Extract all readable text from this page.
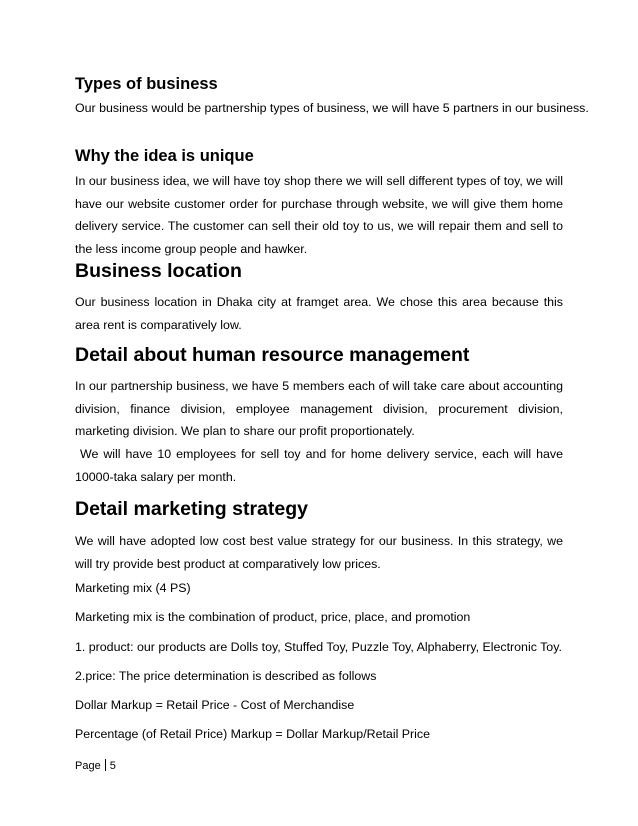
Types of business

Our business would be partnership types of business, we will have 5 partners in our business.

Why the idea is unique

In our business idea, we will have toy shop there we will sell different types of toy, we will have our website customer order for purchase through website, we will give them home delivery service. The customer can sell their old toy to us, we will repair them and sell to the less income group people and hawker.

Business location

Our business location in Dhaka city at framget area. We chose this area because this area rent is comparatively low.

Detail about human resource management

In our partnership business, we have 5 members each of will take care about accounting division, finance division, employee management division, procurement division, marketing division. We plan to share our profit proportionately.

We will have 10 employees for sell toy and for home delivery service, each will have 10000-taka salary per month.

Detail marketing strategy

We will have adopted low cost best value strategy for our business. In this strategy, we will try provide best product at comparatively low prices.

Marketing mix (4 PS)

Marketing mix is the combination of product, price, place, and promotion

1. product: our products are Dolls toy, Stuffed Toy, Puzzle Toy, Alphaberry, Electronic Toy.

2.price: The price determination is described as follows

Dollar Markup = Retail Price - Cost of Merchandise

Percentage (of Retail Price) Markup = Dollar Markup/Retail Price

Page 5
